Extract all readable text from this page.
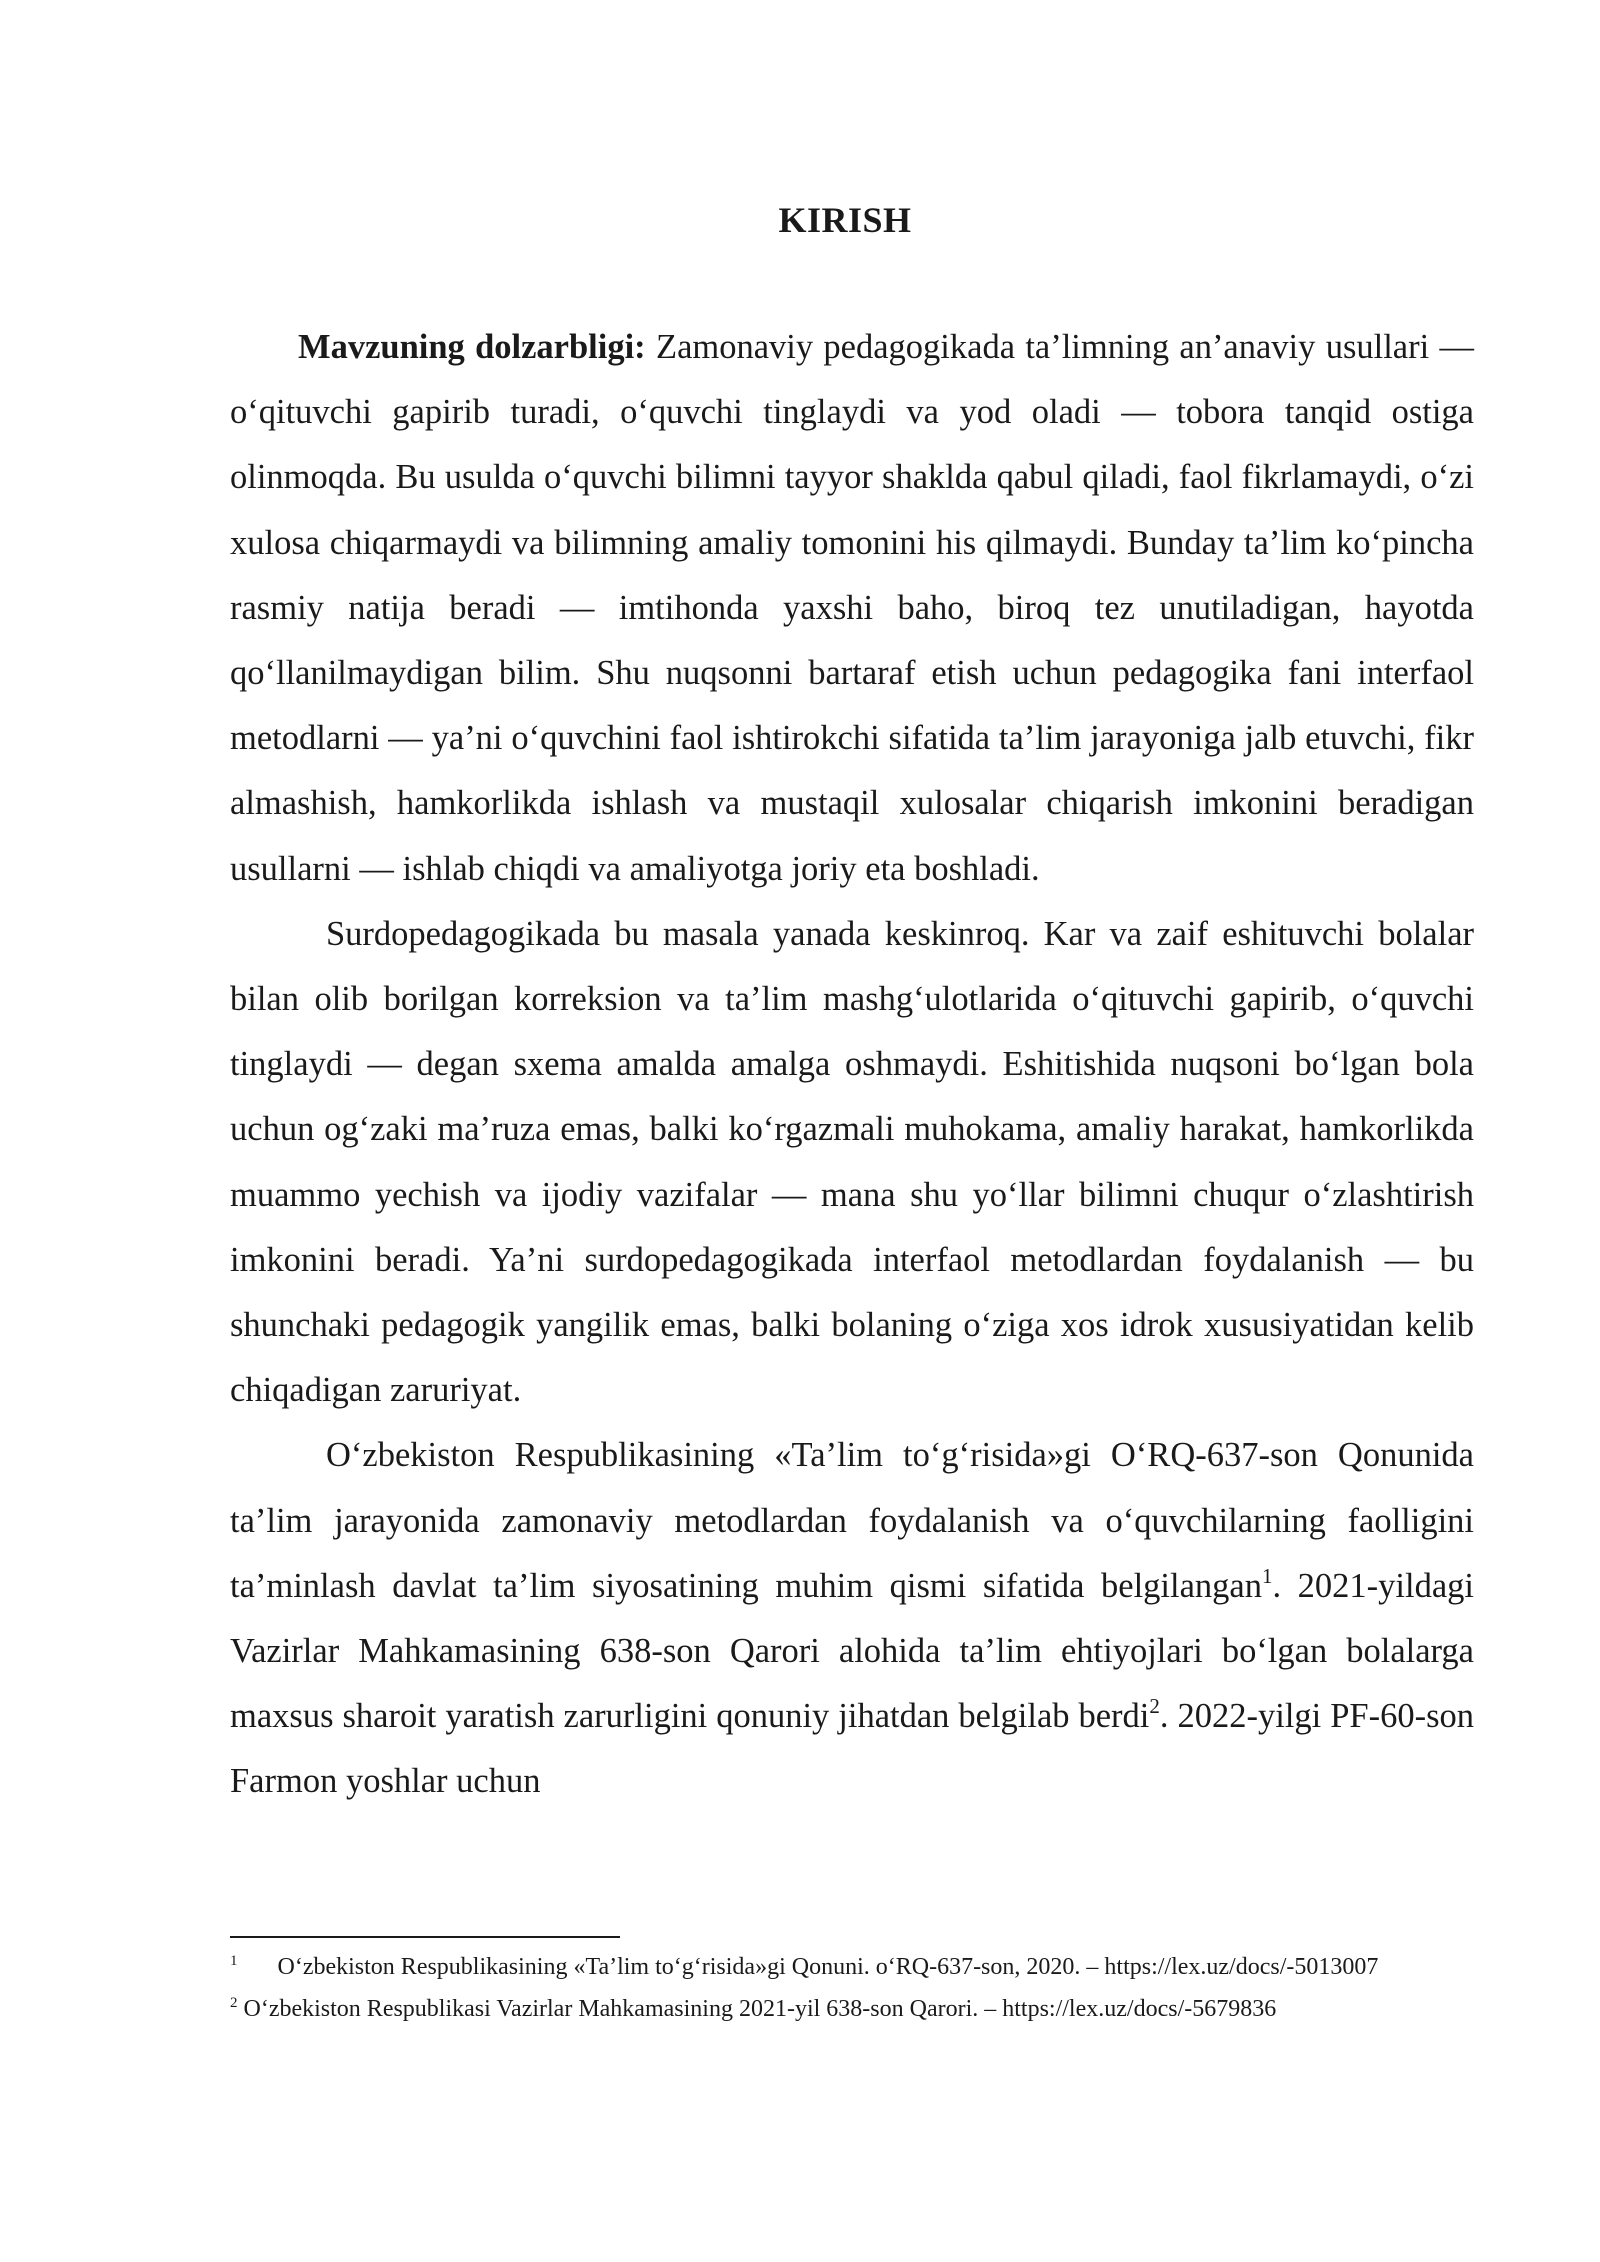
KIRISH

Mavzuning dolzarbligi: Zamonaviy pedagogikada ta’limning an’anaviy usullari — o‘qituvchi gapirib turadi, o‘quvchi tinglaydi va yod oladi — tobora tanqid ostiga olinmoqda. Bu usulda o‘quvchi bilimni tayyor shaklda qabul qiladi, faol fikrlamaydi, o‘zi xulosa chiqarmaydi va bilimning amaliy tomonini his qilmaydi. Bunday ta’lim ko‘pincha rasmiy natija beradi — imtihonda yaxshi baho, biroq tez unutiladigan, hayotda qo‘llanilmaydigan bilim. Shu nuqsonni bartaraf etish uchun pedagogika fani interfaol metodlarni — ya’ni o‘quvchini faol ishtirokchi sifatida ta’lim jarayoniga jalb etuvchi, fikr almashish, hamkorlikda ishlash va mustaqil xulosalar chiqarish imkonini beradigan usullarni — ishlab chiqdi va amaliyotga joriy eta boshladi.

Surdopedagogikada bu masala yanada keskinroq. Kar va zaif eshituvchi bolalar bilan olib borilgan korreksion va ta’lim mashg‘ulotlarida o‘qituvchi gapirib, o‘quvchi tinglaydi — degan sxema amalda amalga oshmaydi. Eshitishida nuqsoni bo‘lgan bola uchun og‘zaki ma’ruza emas, balki ko‘rgazmali muhokama, amaliy harakat, hamkorlikda muammo yechish va ijodiy vazifalar — mana shu yo‘llar bilimni chuqur o‘zlashtirish imkonini beradi. Ya’ni surdopedagogikada interfaol metodlardan foydalanish — bu shunchaki pedagogik yangilik emas, balki bolaning o‘ziga xos idrok xususiyatidan kelib chiqadigan zaruriyat.

O‘zbekiston Respublikasining «Ta’lim to‘g‘risida»gi O‘RQ-637-son Qonunida ta’lim jarayonida zamonaviy metodlardan foydalanish va o‘quvchilarning faolligini ta’minlash davlat ta’lim siyosatining muhim qismi sifatida belgilangan$^1$. 2021-yildagi Vazirlar Mahkamasining 638-son Qarori alohida ta’lim ehtiyojlari bo‘lgan bolalarga maxsus sharoit yaratish zarurligini qonuniy jihatdan belgilab berdi$^2$. 2022-yilgi PF-60-son Farmon yoshlar uchun

$^1$ O‘zbekiston Respublikasining «Ta’lim to‘g‘risida»gi Qonuni. o‘RQ-637-son, 2020. – https://lex.uz/docs/-5013007

$^2$ O‘zbekiston Respublikasi Vazirlar Mahkamasining 2021-yil 638-son Qarori. – https://lex.uz/docs/-5679836
